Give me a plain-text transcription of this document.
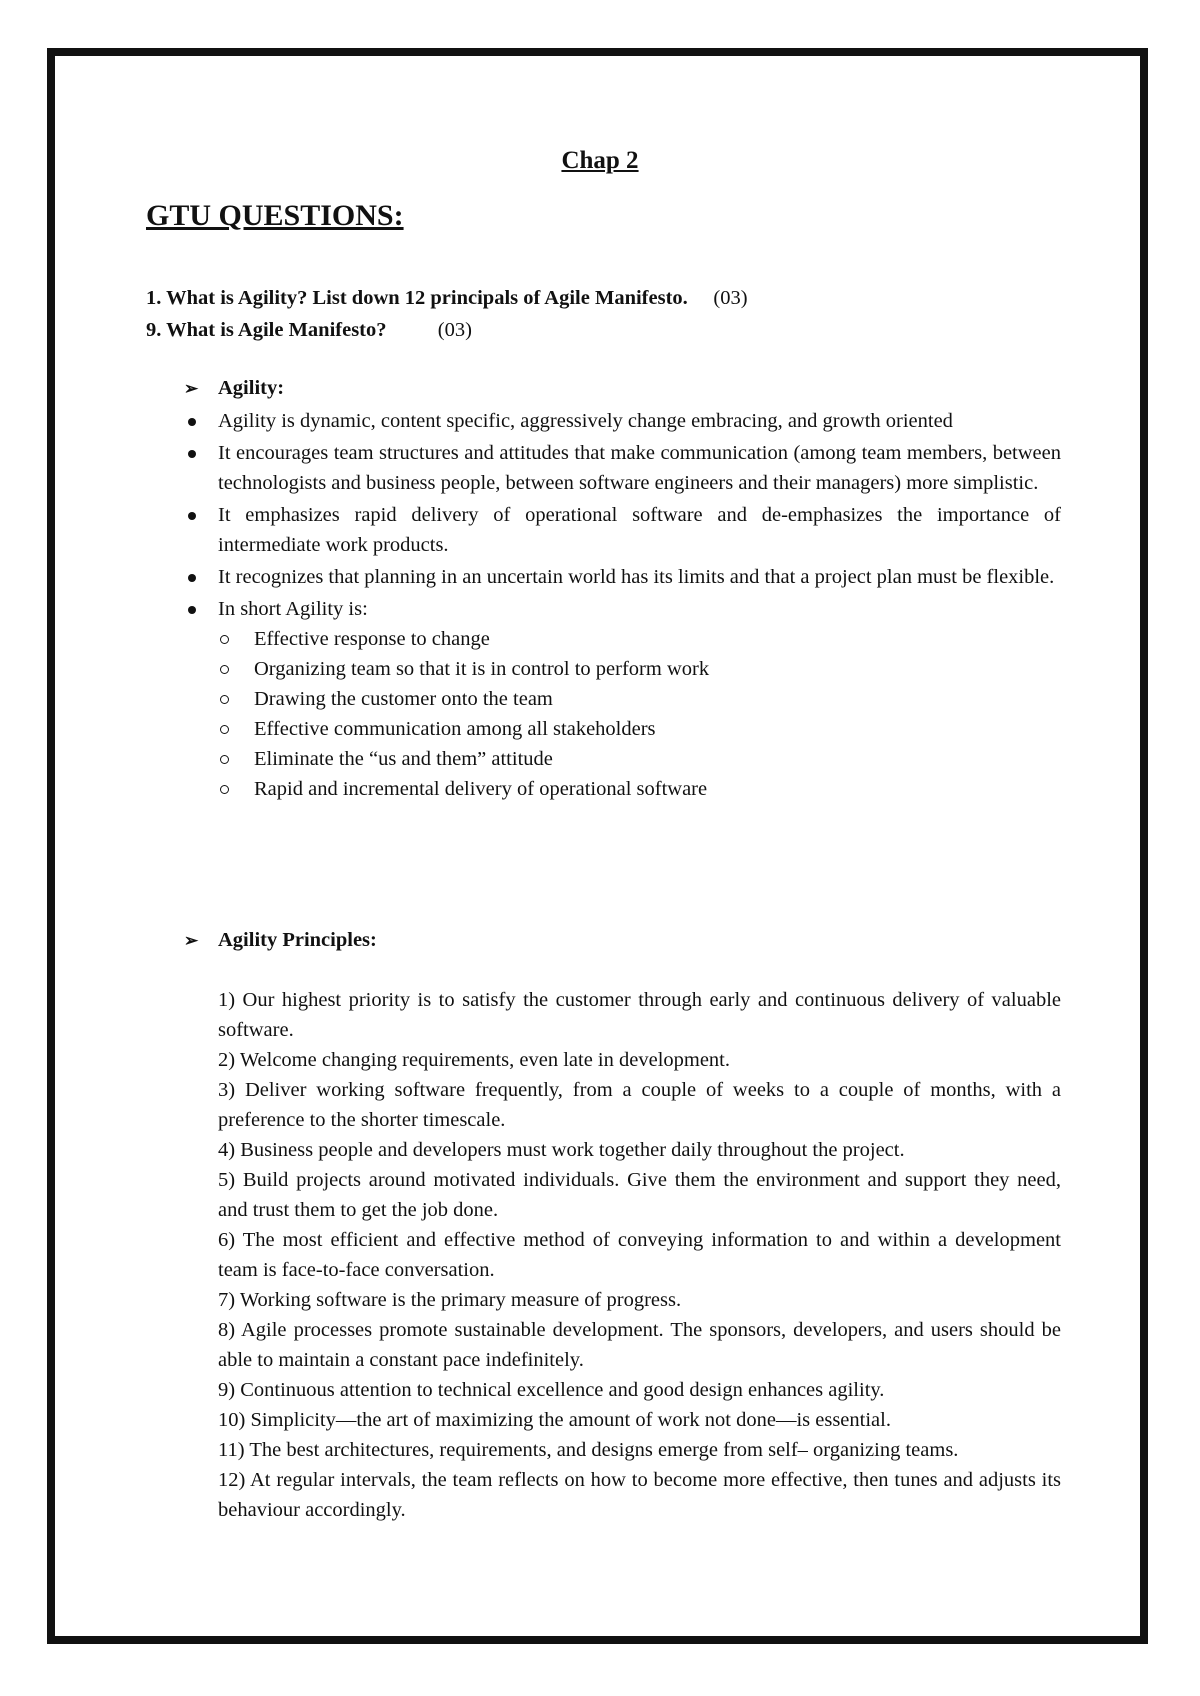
Chap 2
GTU QUESTIONS:
1. What is Agility? List down 12 principals of Agile Manifesto. (03)
9. What is Agile Manifesto?	(03)
➢ Agility:
Agility is dynamic, content specific, aggressively change embracing, and growth oriented
It encourages team structures and attitudes that make communication (among team members, between technologists and business people, between software engineers and their managers) more simplistic.
It emphasizes rapid delivery of operational software and de-emphasizes the importance of intermediate work products.
It recognizes that planning in an uncertain world has its limits and that a project plan must be flexible.
In short Agility is:
Effective response to change
Organizing team so that it is in control to perform work
Drawing the customer onto the team
Effective communication among all stakeholders
Eliminate the “us and them” attitude
Rapid and incremental delivery of operational software
➢ Agility Principles:
1) Our highest priority is to satisfy the customer through early and continuous delivery of valuable software.
2) Welcome changing requirements, even late in development.
3) Deliver working software frequently, from a couple of weeks to a couple of months, with a preference to the shorter timescale.
4) Business people and developers must work together daily throughout the project.
5) Build projects around motivated individuals. Give them the environment and support they need, and trust them to get the job done.
6) The most efficient and effective method of conveying information to and within a development team is face-to-face conversation.
7) Working software is the primary measure of progress.
8) Agile processes promote sustainable development. The sponsors, developers, and users should be able to maintain a constant pace indefinitely.
9) Continuous attention to technical excellence and good design enhances agility.
10) Simplicity—the art of maximizing the amount of work not done—is essential.
11) The best architectures, requirements, and designs emerge from self– organizing teams.
12) At regular intervals, the team reflects on how to become more effective, then tunes and adjusts its behaviour accordingly.
